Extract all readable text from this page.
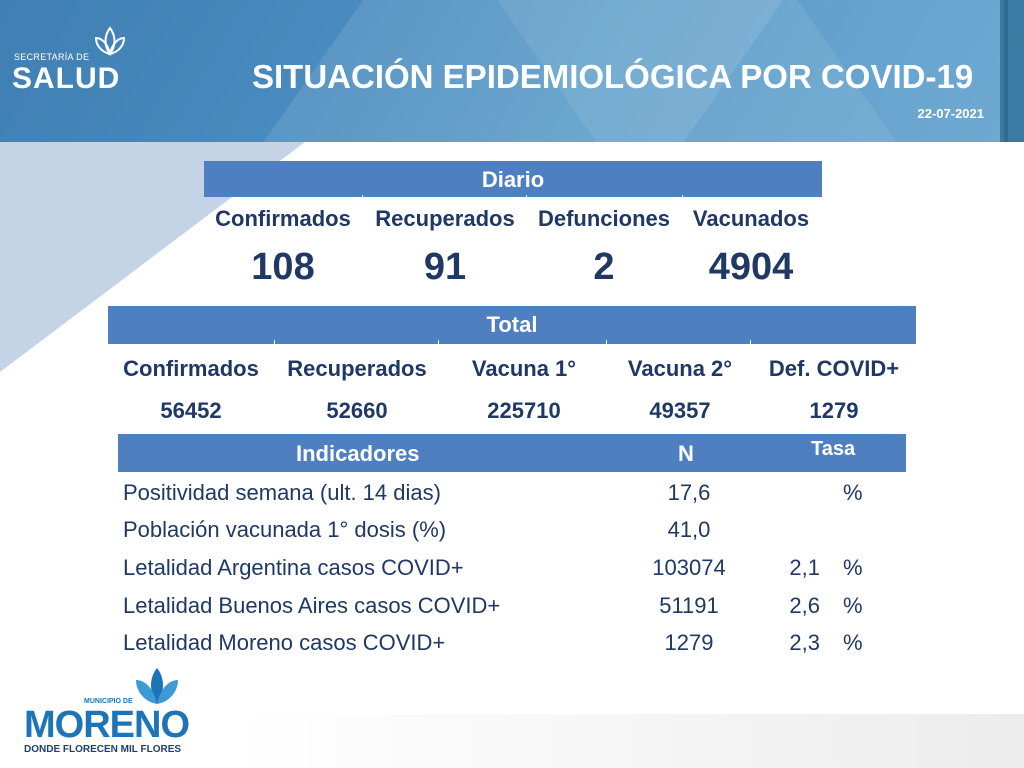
SECRETARÍA DE
SALUD	SITUACIÓN EPIDEMIOLÓGICA POR COVID-19
22-07-2021
Diario
Confirmados	Recuperados	Defunciones	Vacunados
108	91	2	4904
Total
Confirmados	Recuperados	Vacuna 1°	Vacuna 2°	Def. COVID+
56452	52660	225710	49357	1279
Indicadores	N	Tasa
Positividad semana (ult. 14 dias)	17,6	%
Población vacunada 1° dosis (%)	41,0
Letalidad Argentina casos COVID+	103074	2,1 %
Letalidad Buenos Aires casos COVID+	51191	2,6 %
Letalidad Moreno casos COVID+	1279	2,3 %
MUNICIPIO DE
MORENO
DONDE FLORECEN MIL FLORES
